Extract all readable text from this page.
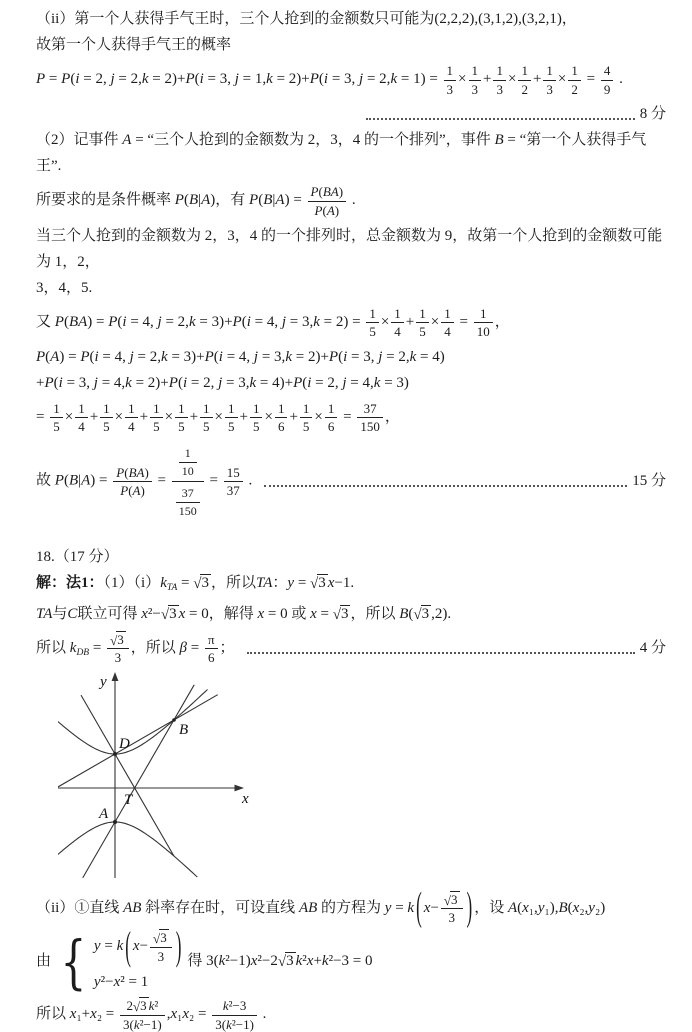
（ii）第一个人获得手气王时，三个人抢到的金额数只可能为(2,2,2),(3,1,2),(3,2,1)，
故第一个人获得手气王的概率
P = P(i = 2, j = 2,k = 2)+P(i = 3, j = 1,k = 2)+P(i = 3, $j = 2,k = 1) = \frac{1}{3} \times \frac{1}{3} + \frac{1}{3} \times \frac{1}{2} + \frac{1}{3} \times \frac{1}{2} = \frac{4}{9}$ .
8 分
（2）记事件 A = “三个人抢到的金额数为 2，3，4 的一个排列”，事件 B = “第一个人获得手气王”.
所要求的是条件概率 P(B|A)，有 $P(B|A) = \frac{P(BA)}{P(A)}$ .
当三个人抢到的金额数为 2，3，4 的一个排列时，总金额数为 9，故第一个人抢到的金额数可能为 1，2，
3，4，5.
又 P(BA) = P(i = 4, j = 2,k = 3)+P(i = 4, $j = 3,k = 2) = \frac{1}{5} \times \frac{1}{4} + \frac{1}{5} \times \frac{1}{4} = \frac{1}{10}$ ，
P(A) = P(i = 4, j = 2,k = 3)+P(i = 4, j = 3,k = 2)+P(i = 3, j = 2,k = 4)
+P(i = 3, j = 4,k = 2)+P(i = 2, j = 3,k = 4)+P(i = 2, j = 4,k = 3)
= $\frac{1}{5} \times \frac{1}{4} + \frac{1}{5} \times \frac{1}{4} + \frac{1}{5} \times \frac{1}{5} + \frac{1}{5} \times \frac{1}{5} + \frac{1}{5} \times \frac{1}{6} + \frac{1}{5} \times \frac{1}{6} = \frac{37}{150}$ ，
故 $P(B|A) = \frac{P(BA)}{P(A)} = \frac{\frac{1}{10}}{\frac{37}{150}} = \frac{15}{37}$ .	15 分
18.（17 分）
解：法1：$(1)(i)k_{TA} = √3$ ，所以TA：y = √3 x−1.
TA与C联立可得 x²−√3 x = 0，解得 x = 0 或 x = √3 ，所以 B(√3 ,2).
所以 $k_{DB} = \frac{√3}{3}$ ，所以 $\beta = \frac{\pi}{6}$ ；	4 分
y
x
D
B
T
A
（ii）①直线 AB 斜率存在时，可设直线 AB 的方程为 y = k ( $x- \frac{√3}{3}$ ) ，设 A(x₁,y₁),B(x₂,y₂)
由 { y = k ( $x- \frac{√3}{3}$ )
y²−x² = 1
得 3(k²−1)x²−2√3 k²x+k²−3 = 0
所以 $x_1+x_2 = \frac{\text{2√3 k²}}{\text{3(k²−1)}} ,x_1x_2 = \frac{\text{k²−3}}{\text{3(k²−1)}}$ .
